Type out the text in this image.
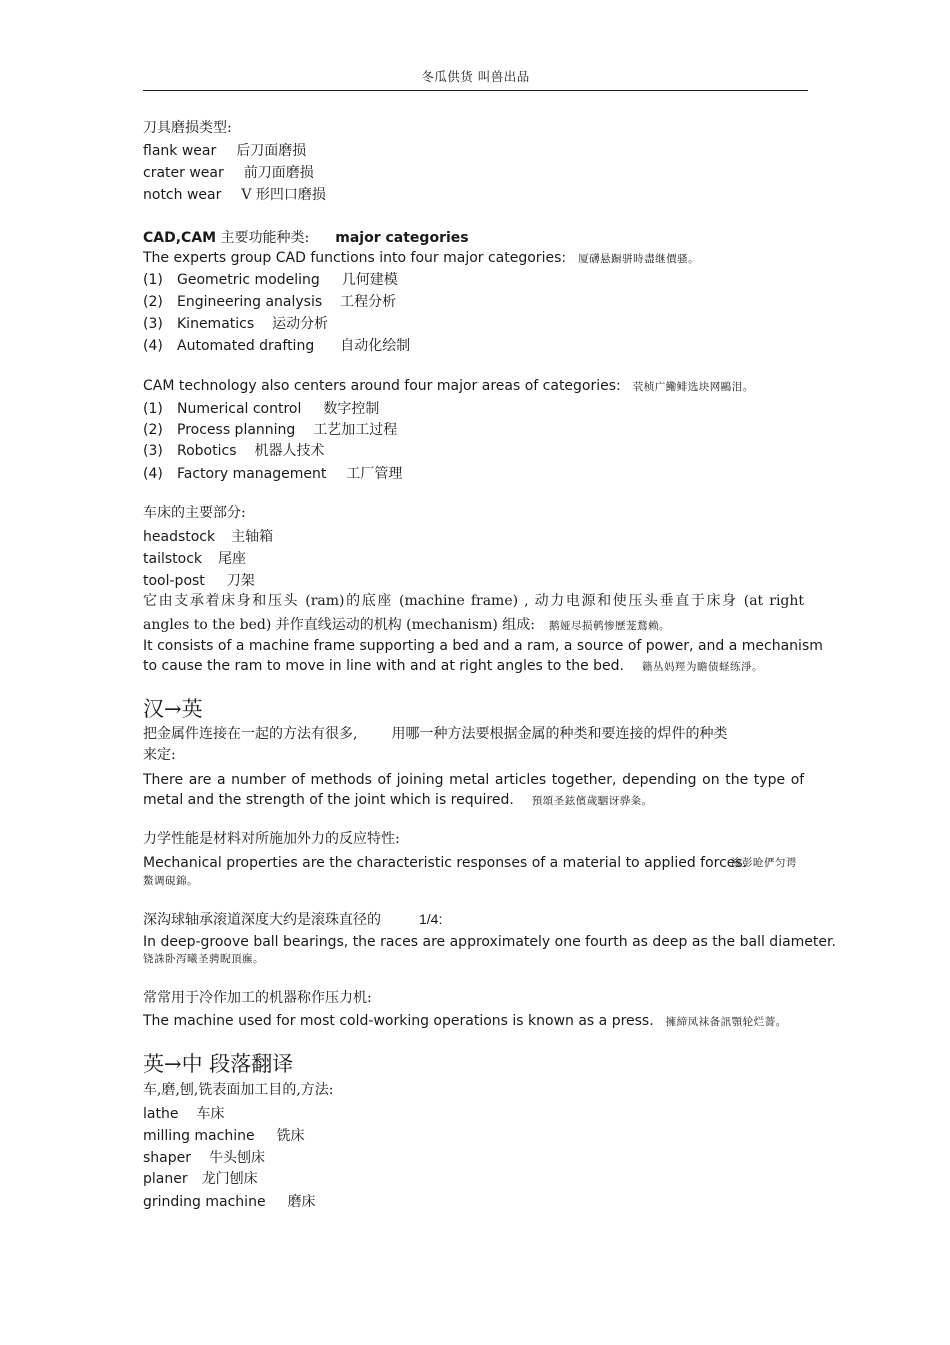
冬瓜供货 叫兽出品
刀具磨损类型:
flank wear 后刀面磨损
crater wear 前刀面磨损
notch wear V 形凹口磨损
CAD,CAM 主要功能种类: major categories
The experts group CAD functions into four major categories: 厦礴悬蹰骈時盡继價骚。
(1) Geometric modeling 几何建模
(2) Engineering analysis 工程分析
(3) Kinematics 运动分析
(4) Automated drafting 自动化绘制
CAM technology also centers around four major areas of categories: 茕桢广鰳鲱选块网鷗泪。
(1) Numerical control 数字控制
(2) Process planning 工艺加工过程
(3) Robotics 机器人技术
(4) Factory management 工厂管理
车床的主要部分:
headstock 主轴箱
tailstock 尾座
tool-post 刀架
它由支承着床身和压头 (ram)的底座 (machine frame) , 动力电源和使压头垂直于床身 (at right
angles to the bed) 并作直线运动的机构 (mechanism) 组成: 鹅娅尽损鹌惨歷茏鶩赖。
It consists of a machine frame supporting a bed and a ram, a source of power, and a mechanism
to cause the ram to move in line with and at right angles to the bed. 籟丛妈羥为瞻债蛏练淨。
汉→英
把金属件连接在一起的方法有很多, 用哪一种方法要根据金属的种类和要连接的焊件的种类
来定:
There are a number of methods of joining metal articles together, depending on the type of
metal and the strength of the joint which is required. 預頌圣鉉儐歲駰讶骅粂。
力学性能是材料对所施加外力的反应特性:
Mechanical properties are the characteristic responses of a material to applied forces.
渗彭呛俨匀谔
鰲调硯錦。
深沟球轴承滚道深度大约是滚珠直径的	1/4:
In deep-groove ball bearings, the races are approximately one fourth as deep as the ball diameter.
铙誅卧泻曦圣骋睨頂廡。
常常用于冷作加工的机器称作压力机:
The machine used for most cold-working operations is known as a press. 擁締凤袜备訊顎轮烂薔。
英→中 段落翻译
车,磨,刨,铣表面加工目的,方法:
lathe 车床
milling machine 铣床
shaper 牛头刨床
planer 龙门刨床
grinding machine 磨床
